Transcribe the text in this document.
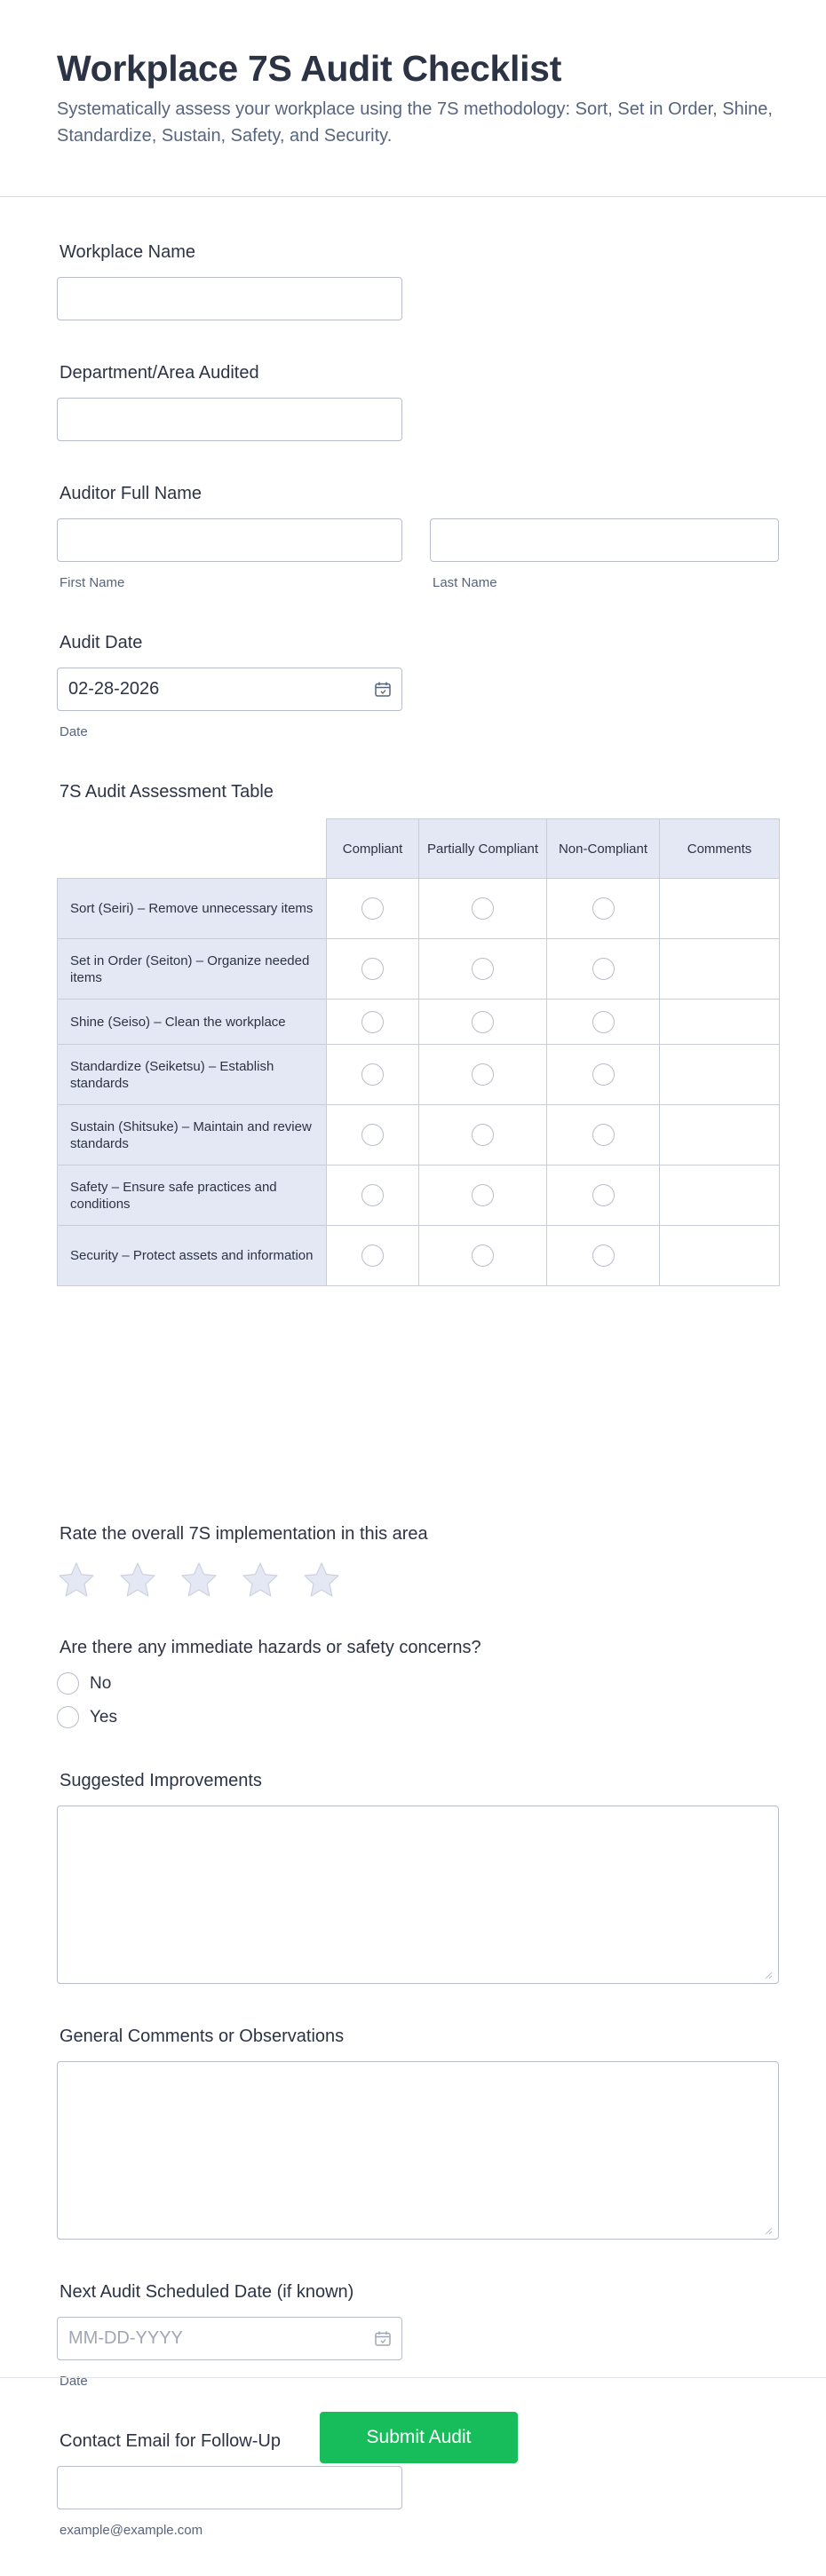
Workplace 7S Audit Checklist

Systematically assess your workplace using the 7S methodology: Sort, Set in Order, Shine, Standardize, Sustain, Safety, and Security.

Workplace Name
Department/Area Audited
Auditor Full Name
First Name	Last Name
Audit Date
02-28-2026
Date
7S Audit Assessment Table
	Compliant	Partially Compliant	Non-Compliant	Comments
Sort (Seiri) – Remove unnecessary items				
Set in Order (Seiton) – Organize needed items				
Shine (Seiso) – Clean the workplace				
Standardize (Seiketsu) – Establish standards				
Sustain (Shitsuke) – Maintain and review standards				
Safety – Ensure safe practices and conditions				
Security – Protect assets and information				
Rate the overall 7S implementation in this area
Are there any immediate hazards or safety concerns?
No
Yes
Suggested Improvements
General Comments or Observations
Next Audit Scheduled Date (if known)
MM-DD-YYYY
Date
Contact Email for Follow-Up
example@example.com
Submit Audit
